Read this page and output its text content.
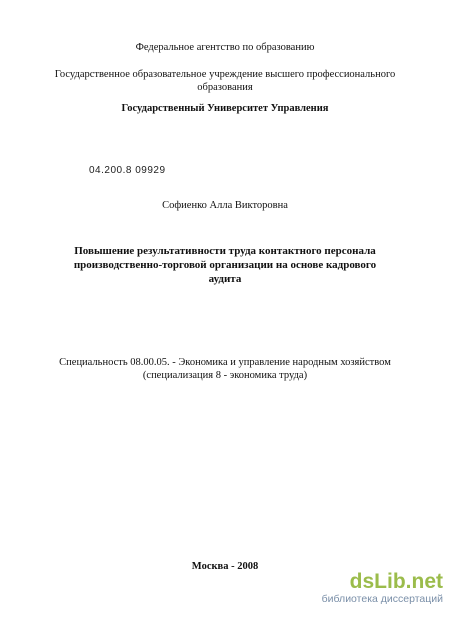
Федеральное агентство по образованию
Государственное образовательное учреждение высшего профессионального
образования
Государственный Университет Управления
04.200.8 09929
Софиенко Алла Викторовна
Повышение результативности труда контактного персонала
производственно-торговой организации на основе кадрового
аудита
Специальность 08.00.05. - Экономика и управление народным хозяйством
(специализация 8 - экономика труда)
Москва - 2008
dsLib.net
библиотека диссертаций
